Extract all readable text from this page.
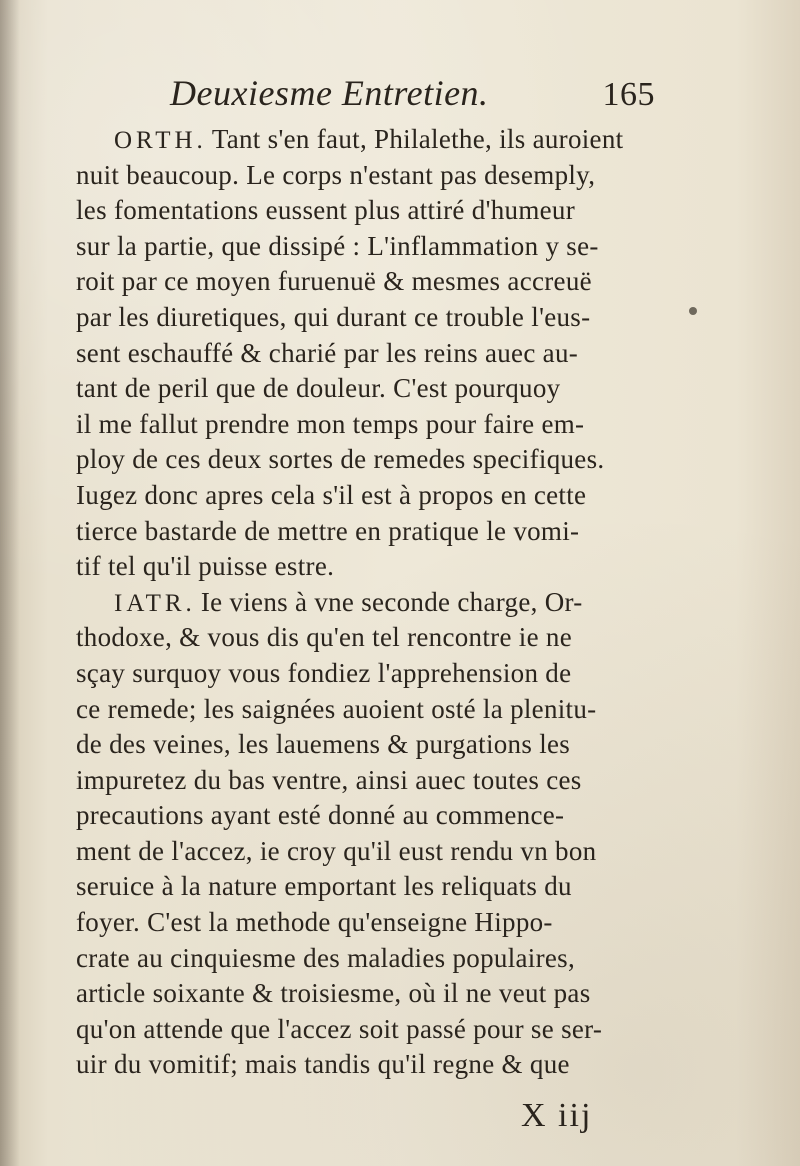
Deuxiesme Entretien.	165
ORTH. Tant s'en faut, Philalethe, ils auroient
nuit beaucoup. Le corps n'estant pas desemply,
les fomentations eussent plus attiré d'humeur
sur la partie, que dissipé : L'inflammation y se-
roit par ce moyen furuenuë & mesmes accreuë
par les diuretiques, qui durant ce trouble l'eus-
sent eschauffé & charié par les reins auec au-
tant de peril que de douleur. C'est pourquoy
il me fallut prendre mon temps pour faire em-
ploy de ces deux sortes de remedes specifiques.
Iugez donc apres cela s'il est à propos en cette
tierce bastarde de mettre en pratique le vomi-
tif tel qu'il puisse estre.
IATR. Ie viens à vne seconde charge, Or-
thodoxe, & vous dis qu'en tel rencontre ie ne
sçay surquoy vous fondiez l'apprehension de
ce remede; les saignées auoient osté la plenitu-
de des veines, les lauemens & purgations les
impuretez du bas ventre, ainsi auec toutes ces
precautions ayant esté donné au commence-
ment de l'accez, ie croy qu'il eust rendu vn bon
seruice à la nature emportant les reliquats du
foyer. C'est la methode qu'enseigne Hippo-
crate au cinquiesme des maladies populaires,
article soixante & troisiesme, où il ne veut pas
qu'on attende que l'accez soit passé pour se ser-
uir du vomitif; mais tandis qu'il regne & que
X iij
